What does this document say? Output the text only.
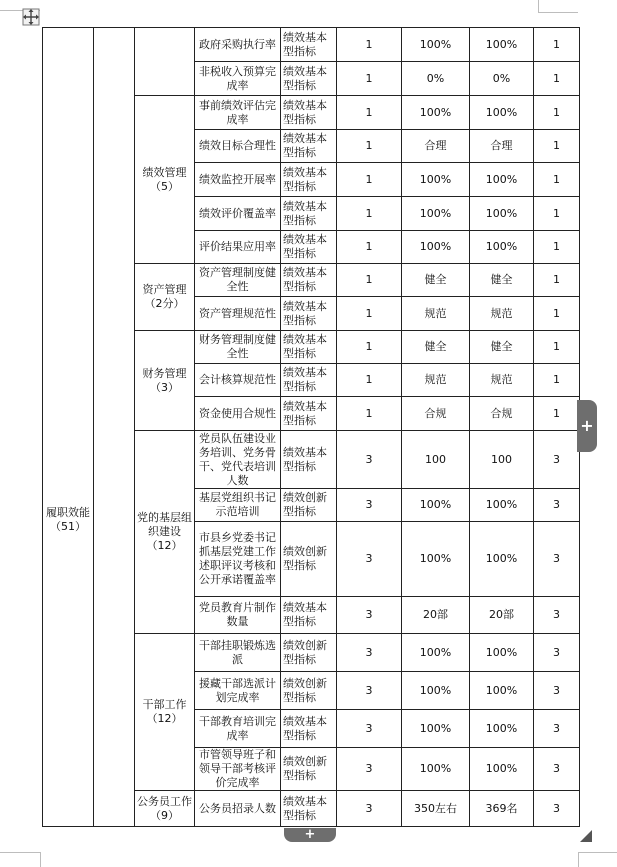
履职效能（51）			政府采购执行率	绩效基本型指标	1	100%	100%	1
			非税收入预算完成率	绩效基本型指标	1	0%	0%	1
		绩效管理（5）	事前绩效评估完成率	绩效基本型指标	1	100%	100%	1
			绩效目标合理性	绩效基本型指标	1	合理	合理	1
			绩效监控开展率	绩效基本型指标	1	100%	100%	1
			绩效评价覆盖率	绩效基本型指标	1	100%	100%	1
			评价结果应用率	绩效基本型指标	1	100%	100%	1
		资产管理（2分）	资产管理制度健全性	绩效基本型指标	1	健全	健全	1
			资产管理规范性	绩效基本型指标	1	规范	规范	1
		财务管理（3）	财务管理制度健全性	绩效基本型指标	1	健全	健全	1
			会计核算规范性	绩效基本型指标	1	规范	规范	1
			资金使用合规性	绩效基本型指标	1	合规	合规	1
		党的基层组织建设（12）	党员队伍建设业务培训、党务骨干、党代表培训人数	绩效基本型指标	3	100	100	3
			基层党组织书记示范培训	绩效创新型指标	3	100%	100%	3
			市县乡党委书记抓基层党建工作述职评议考核和公开承诺覆盖率	绩效创新型指标	3	100%	100%	3
			党员教育片制作数量	绩效基本型指标	3	20部	20部	3
		干部工作（12）	干部挂职锻炼选派	绩效创新型指标	3	100%	100%	3
			援藏干部选派计划完成率	绩效创新型指标	3	100%	100%	3
			干部教育培训完成率	绩效基本型指标	3	100%	100%	3
			市管领导班子和领导干部考核评价完成率	绩效创新型指标	3	100%	100%	3
		公务员工作（9）	公务员招录人数	绩效基本型指标	3	350左右	369名	3
+
+
